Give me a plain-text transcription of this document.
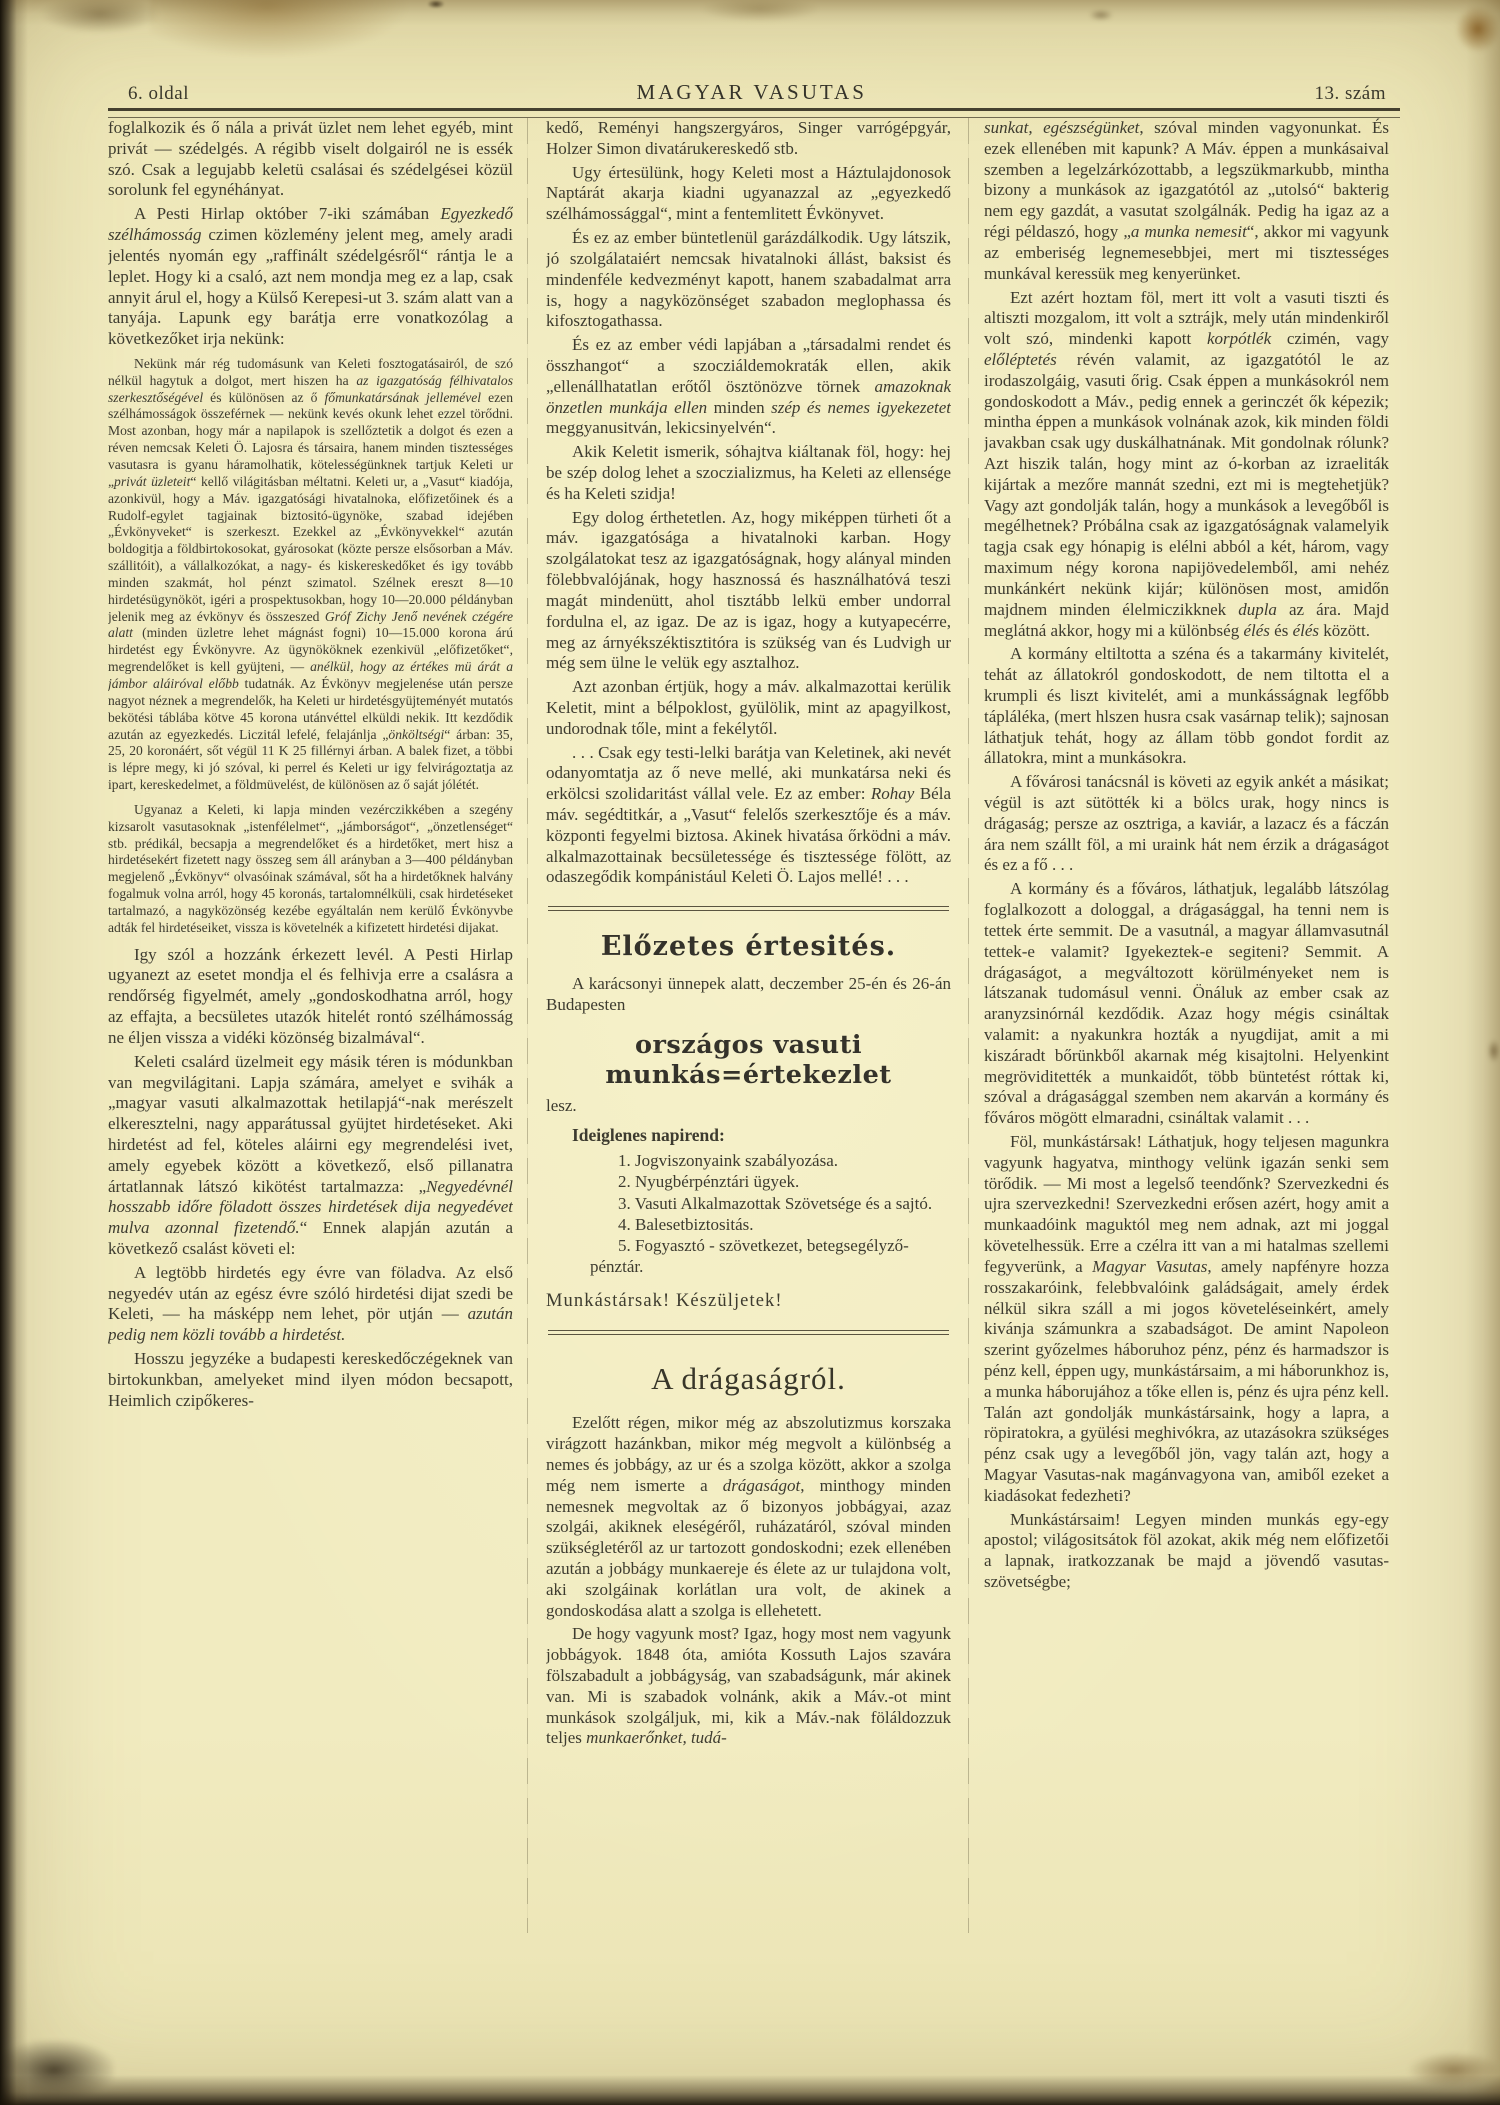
6. oldal	MAGYAR VASUTAS	13. szám

foglalkozik és ő nála a privát üzlet nem lehet egyéb, mint privát — szédelgés. A régibb viselt dolgairól ne is essék szó. Csak a legujabb keletü csalásai és szédelgései közül sorolunk fel egynéhányat.

A Pesti Hirlap október 7-iki számában Egyezkedő szélhámosság czimen közlemény jelent meg, amely aradi jelentés nyomán egy „raffinált szédelgésről“ rántja le a leplet. Hogy ki a csaló, azt nem mondja meg ez a lap, csak annyit árul el, hogy a Külső Kerepesi-ut 3. szám alatt van a tanyája. Lapunk egy barátja erre vonatkozólag a következőket irja nekünk:

Nekünk már rég tudomásunk van Keleti fosztogatásairól, de szó nélkül hagytuk a dolgot, mert hiszen ha az igazgatóság félhivatalos szerkesztőségével és különösen az ő főmunkatársának jellemével ezen szélhámosságok összeférnek — nekünk kevés okunk lehet ezzel törődni. Most azonban, hogy már a napilapok is szellőztetik a dolgot és ezen a réven nemcsak Keleti Ö. Lajosra és társaira, hanem minden tisztességes vasutasra is gyanu háramolhatik, kötelességünknek tartjuk Keleti ur „privát üzleteit“ kellő világitásban méltatni. Keleti ur, a „Vasut“ kiadója, azonkivül, hogy a Máv. igazgatósági hivatalnoka, előfizetőinek és a Rudolf-egylet tagjainak biztositó-ügynöke, szabad idejében „Évkönyveket“ is szerkeszt. Ezekkel az „Évkönyvekkel“ azután boldogitja a földbirtokosokat, gyárosokat (közte persze elsősorban a Máv. szállitóit), a vállalkozókat, a nagy- és kiskereskedőket és igy tovább minden szakmát, hol pénzt szimatol. Szélnek ereszt 8—10 hirdetésügynököt, igéri a prospektusokban, hogy 10—20.000 példányban jelenik meg az évkönyv és összeszed Gróf Zichy Jenő nevének czégére alatt (minden üzletre lehet mágnást fogni) 10—15.000 korona árú hirdetést egy Évkönyvre. Az ügynököknek ezenkivül „előfizetőket“, megrendelőket is kell gyüjteni, — anélkül, hogy az értékes mü árát a jámbor aláiróval előbb tudatnák. Az Évkönyv megjelenése után persze nagyot néznek a megrendelők, ha Keleti ur hirdetésgyüjteményét mutatós bekötési táblába kötve 45 korona utánvéttel elküldi nekik. Itt kezdődik azután az egyezkedés. Liczitál lefelé, felajánlja „önköltségi“ árban: 35, 25, 20 koronáért, sőt végül 11 K 25 fillérnyi árban. A balek fizet, a többi is lépre megy, ki jó szóval, ki perrel és Keleti ur igy felvirágoztatja az ipart, kereskedelmet, a földmüvelést, de különösen az ő saját jólétét.

Ugyanaz a Keleti, ki lapja minden vezérczikkében a szegény kizsarolt vasutasoknak „istenfélelmet“, „jámborságot“, „önzetlenséget“ stb. prédikál, becsapja a megrendelőket és a hirdetőket, mert hisz a hirdetésekért fizetett nagy összeg sem áll arányban a 3—400 példányban megjelenő „Évkönyv“ olvasóinak számával, sőt ha a hirdetőknek halvány fogalmuk volna arról, hogy 45 koronás, tartalomnélküli, csak hirdetéseket tartalmazó, a nagyközönség kezébe egyáltalán nem kerülő Évkönyvbe adták fel hirdetéseiket, vissza is követelnék a kifizetett hirdetési dijakat.

Igy szól a hozzánk érkezett levél. A Pesti Hirlap ugyanezt az esetet mondja el és felhivja erre a csalásra a rendőrség figyelmét, amely „gondoskodhatna arról, hogy az effajta, a becsületes utazók hitelét rontó szélhámosság ne éljen vissza a vidéki közönség bizalmával“.

Keleti csalárd üzelmeit egy másik téren is módunkban van megvilágitani. Lapja számára, amelyet e svihák a „magyar vasuti alkalmazottak hetilapjá“-nak merészelt elkeresztelni, nagy apparátussal gyüjtet hirdetéseket. Aki hirdetést ad fel, köteles aláirni egy megrendelési ivet, amely egyebek között a következő, első pillanatra ártatlannak látszó kikötést tartalmazza: „Negyedévnél hosszabb időre föladott összes hirdetések dija negyedévet mulva azonnal fizetendő.“ Ennek alapján azután a következő csalást követi el:

A legtöbb hirdetés egy évre van föladva. Az első negyedév után az egész évre szóló hirdetési dijat szedi be Keleti, — ha másképp nem lehet, pör utján — azután pedig nem közli tovább a hirdetést.

Hosszu jegyzéke a budapesti kereskedőczégeknek van birtokunkban, amelyeket mind ilyen módon becsapott, Heimlich czipőkeres-

kedő, Reményi hangszergyáros, Singer varrógépgyár, Holzer Simon divatárukereskedő stb.

Ugy értesülünk, hogy Keleti most a Háztulajdonosok Naptárát akarja kiadni ugyanazzal az „egyezkedő szélhámossággal“, mint a fentemlitett Évkönyvet.

És ez az ember büntetlenül garázdálkodik. Ugy látszik, jó szolgálataiért nemcsak hivatalnoki állást, baksist és mindenféle kedvezményt kapott, hanem szabadalmat arra is, hogy a nagyközönséget szabadon meglophassa és kifosztogathassa.

És ez az ember védi lapjában a „társadalmi rendet és összhangot“ a szocziáldemokraták ellen, akik „ellenállhatatlan erőtől ösztönözve törnek amazoknak önzetlen munkája ellen minden szép és nemes igyekezetet meggyanusitván, lekicsinyelvén“.

Akik Keletit ismerik, sóhajtva kiáltanak föl, hogy: hej be szép dolog lehet a szoczializmus, ha Keleti az ellensége és ha Keleti szidja!

Egy dolog érthetetlen. Az, hogy miképpen türheti őt a máv. igazgatósága a hivatalnoki karban. Hogy szolgálatokat tesz az igazgatóságnak, hogy alányal minden fölebbvalójának, hogy hasznossá és használhatóvá teszi magát mindenütt, ahol tisztább lelkü ember undorral fordulna el, az igaz. De az is igaz, hogy a kutyapecérre, meg az árnyékszéktisztitóra is szükség van és Ludvigh ur még sem ülne le velük egy asztalhoz.

Azt azonban értjük, hogy a máv. alkalmazottai kerülik Keletit, mint a bélpoklost, gyülölik, mint az apagyilkost, undorodnak tőle, mint a fekélytől.

. . . Csak egy testi-lelki barátja van Keletinek, aki nevét odanyomtatja az ő neve mellé, aki munkatársa neki és erkölcsi szolidaritást vállal vele. Ez az ember: Rohay Béla máv. segédtitkár, a „Vasut“ felelős szerkesztője és a máv. központi fegyelmi biztosa. Akinek hivatása őrködni a máv. alkalmazottainak becsületessége és tisztessége fölött, az odaszegődik kompánistául Keleti Ö. Lajos mellé! . . .

Előzetes értesités.

A karácsonyi ünnepek alatt, deczember 25-én és 26-án Budapesten

országos vasuti munkás=értekezlet

lesz.

Ideiglenes napirend:

1. Jogviszonyaink szabályozása.

2. Nyugbérpénztári ügyek.

3. Vasuti Alkalmazottak Szövetsége és a sajtó.

4. Balesetbiztositás.

5. Fogyasztó - szövetkezet, betegsegélyző-pénztár.

Munkástársak! Készüljetek!

A drágaságról.

Ezelőtt régen, mikor még az abszolutizmus korszaka virágzott hazánkban, mikor még megvolt a különbség a nemes és jobbágy, az ur és a szolga között, akkor a szolga még nem ismerte a drágaságot, minthogy minden nemesnek megvoltak az ő bizonyos jobbágyai, azaz szolgái, akiknek eleségéről, ruházatáról, szóval minden szükségletéről az ur tartozott gondoskodni; ezek ellenében azután a jobbágy munkaereje és élete az ur tulajdona volt, aki szolgáinak korlátlan ura volt, de akinek a gondoskodása alatt a szolga is ellehetett.

De hogy vagyunk most? Igaz, hogy most nem vagyunk jobbágyok. 1848 óta, amióta Kossuth Lajos szavára fölszabadult a jobbágyság, van szabadságunk, már akinek van. Mi is szabadok volnánk, akik a Máv.-ot mint munkások szolgáljuk, mi, kik a Máv.-nak föláldozzuk teljes munkaerőnket, tudá-

sunkat, egészségünket, szóval minden vagyonunkat. És ezek ellenében mit kapunk? A Máv. éppen a munkásaival szemben a legelzárkózottabb, a legszükmarkubb, mintha bizony a munkások az igazgatótól az „utolsó“ bakterig nem egy gazdát, a vasutat szolgálnák. Pedig ha igaz az a régi példaszó, hogy „a munka nemesit“, akkor mi vagyunk az emberiség legnemesebbjei, mert mi tisztességes munkával keressük meg kenyerünket.

Ezt azért hoztam föl, mert itt volt a vasuti tiszti és altiszti mozgalom, itt volt a sztrájk, mely után mindenkiről volt szó, mindenki kapott korpótlék czimén, vagy előléptetés révén valamit, az igazgatótól le az irodaszolgáig, vasuti őrig. Csak éppen a munkásokról nem gondoskodott a Máv., pedig ennek a gerinczét ők képezik; mintha éppen a munkások volnának azok, kik minden földi javakban csak ugy duskálhatnának. Mit gondolnak rólunk? Azt hiszik talán, hogy mint az ó-korban az izraeliták kijártak a mezőre mannát szedni, ezt mi is megtehetjük? Vagy azt gondolják talán, hogy a munkások a levegőből is megélhetnek? Próbálna csak az igazgatóságnak valamelyik tagja csak egy hónapig is elélni abból a két, három, vagy maximum négy korona napijövedelemből, ami nehéz munkánkért nekünk kijár; különösen most, amidőn majdnem minden élelmiczikknek dupla az ára. Majd meglátná akkor, hogy mi a különbség élés és élés között.

A kormány eltiltotta a széna és a takarmány kivitelét, tehát az állatokról gondoskodott, de nem tiltotta el a krumpli és liszt kivitelét, ami a munkásságnak legfőbb tápláléka, (mert hlszen husra csak vasárnap telik); sajnosan láthatjuk tehát, hogy az állam több gondot fordit az állatokra, mint a munkásokra.

A fővárosi tanácsnál is követi az egyik ankét a másikat; végül is azt sütötték ki a bölcs urak, hogy nincs is drágaság; persze az osztriga, a kaviár, a lazacz és a fáczán ára nem szállt föl, a mi uraink hát nem érzik a drágaságot és ez a fő . . .

A kormány és a főváros, láthatjuk, legalább látszólag foglalkozott a dologgal, a drágasággal, ha tenni nem is tettek érte semmit. De a vasutnál, a magyar államvasutnál tettek-e valamit? Igyekeztek-e segiteni? Semmit. A drágaságot, a megváltozott körülményeket nem is látszanak tudomásul venni. Önáluk az ember csak az aranyzsinórnál kezdődik. Azaz hogy mégis csináltak valamit: a nyakunkra hozták a nyugdijat, amit a mi kiszáradt bőrünkből akarnak még kisajtolni. Helyenkint megröviditették a munkaidőt, több büntetést róttak ki, szóval a drágasággal szemben nem akarván a kormány és főváros mögött elmaradni, csináltak valamit . . .

Föl, munkástársak! Láthatjuk, hogy teljesen magunkra vagyunk hagyatva, minthogy velünk igazán senki sem törődik. — Mi most a legelső teendőnk? Szervezkedni és ujra szervezkedni! Szervezkedni erősen azért, hogy amit a munkaadóink maguktól meg nem adnak, azt mi joggal követelhessük. Erre a czélra itt van a mi hatalmas szellemi fegyverünk, a Magyar Vasutas, amely napfényre hozza rosszakaróink, felebbvalóink galádságait, amely érdek nélkül sikra száll a mi jogos követeléseinkért, amely kivánja számunkra a szabadságot. De amint Napoleon szerint győzelmes háboruhoz pénz, pénz és harmadszor is pénz kell, éppen ugy, munkástársaim, a mi háborunkhoz is, a munka háborujához a tőke ellen is, pénz és ujra pénz kell. Talán azt gondolják munkástársaink, hogy a lapra, a röpiratokra, a gyülési meghivókra, az utazásokra szükséges pénz csak ugy a levegőből jön, vagy talán azt, hogy a Magyar Vasutas-nak magánvagyona van, amiből ezeket a kiadásokat fedezheti?

Munkástársaim! Legyen minden munkás egy-egy apostol; világositsátok föl azokat, akik még nem előfizetői a lapnak, iratkozzanak be majd a jövendő vasutas-szövetségbe;
